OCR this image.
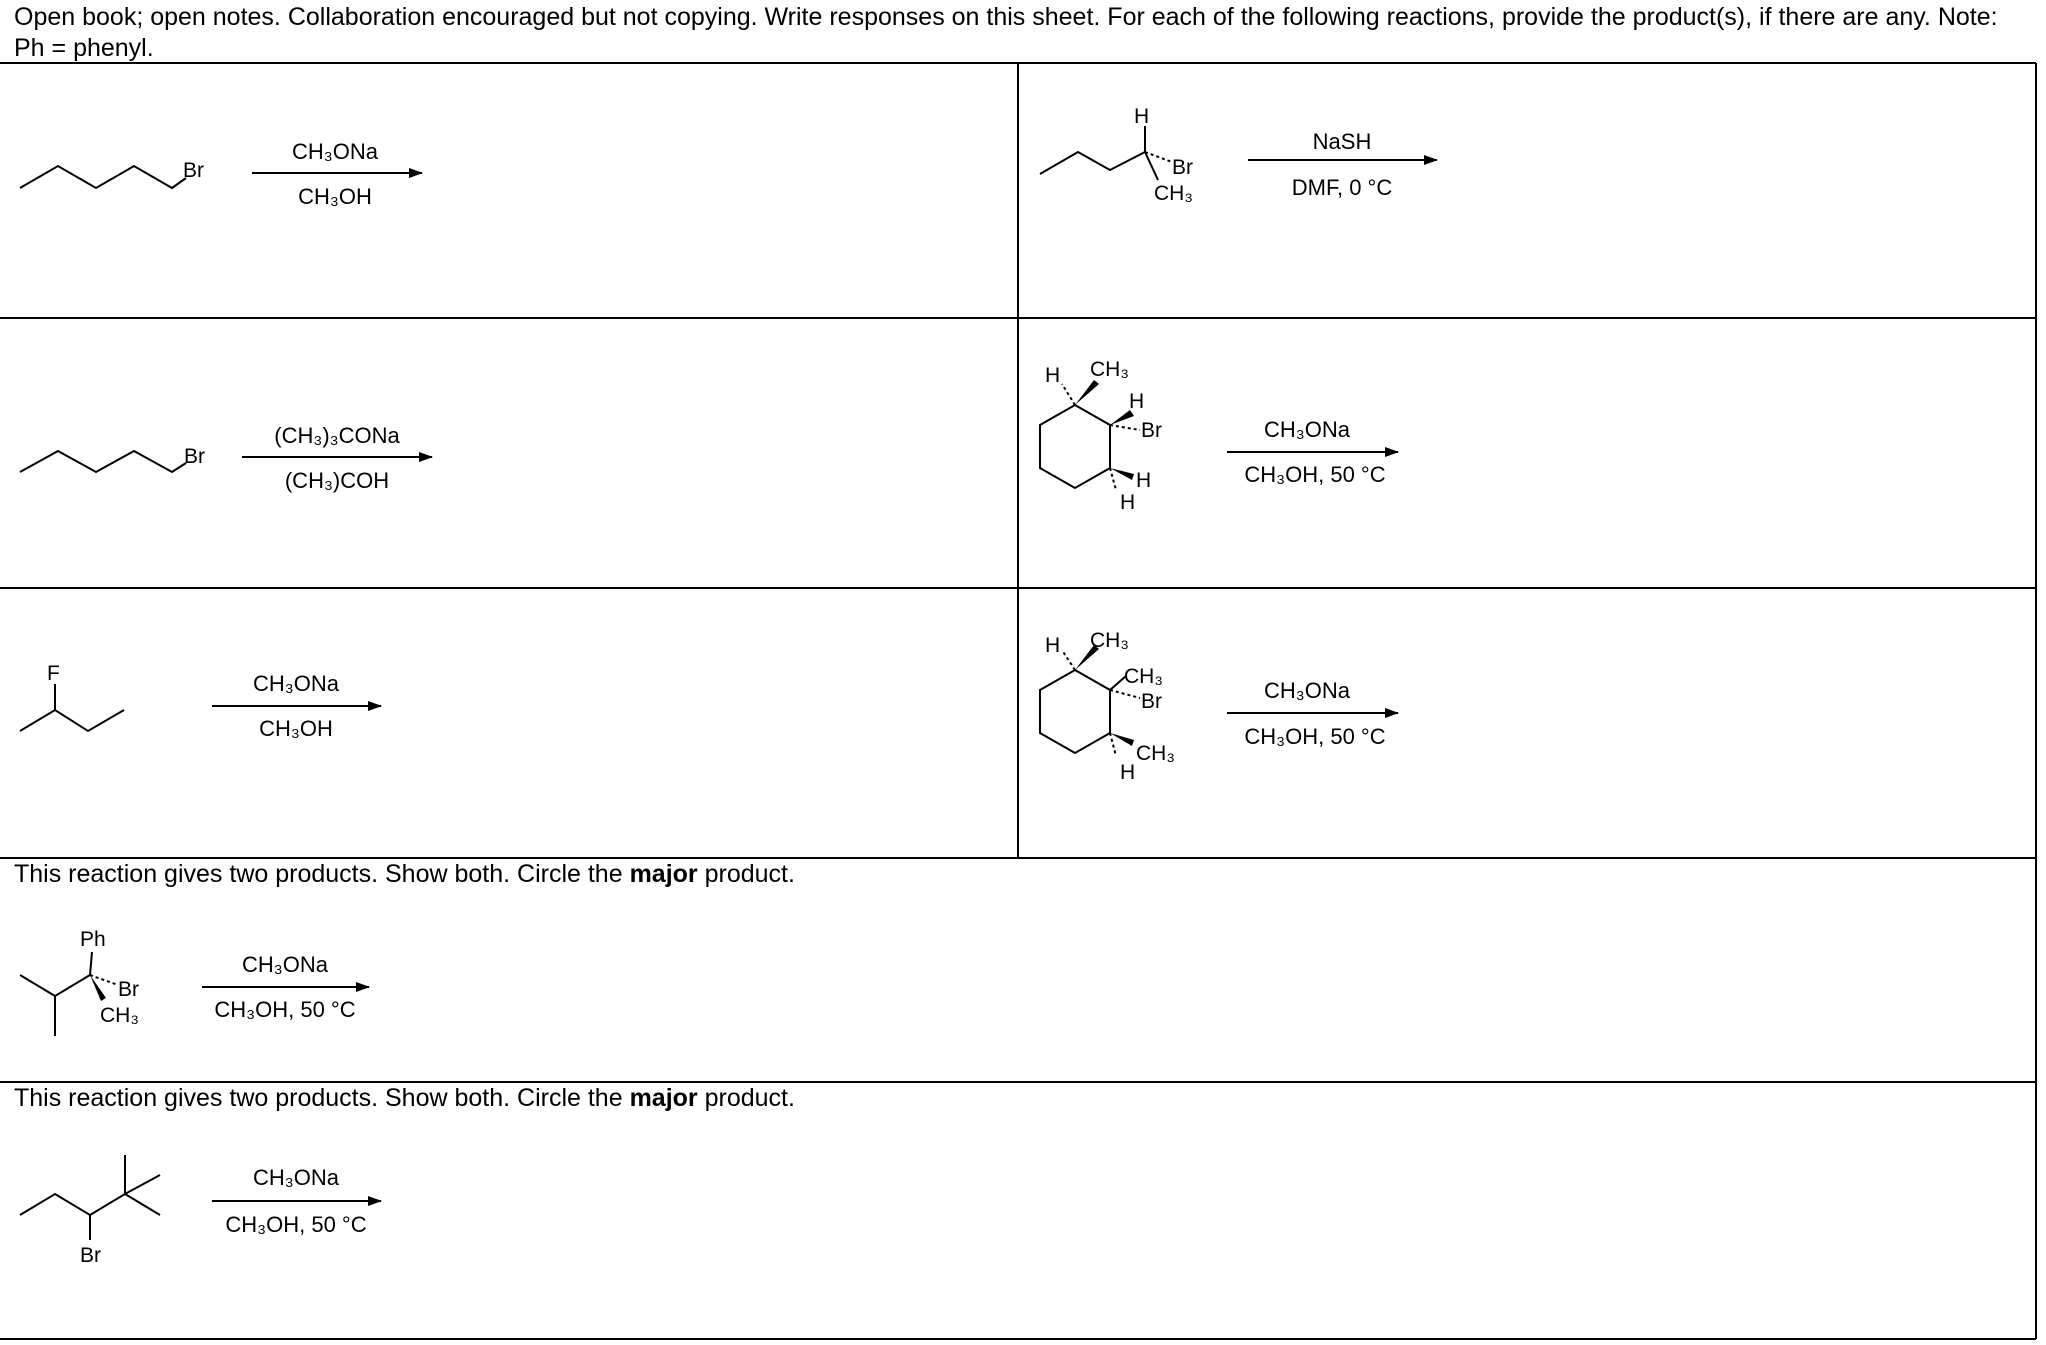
Open book; open notes. Collaboration encouraged but not copying. Write responses on this sheet. For each of the following reactions, provide the product(s), if there are any. Note: Ph = phenyl.
Br
CH₃ONa
CH₃OH
H
Br
CH₃
NaSH
DMF, 0 °C
Br
(CH₃)₃CONa
(CH₃)COH
H CH₃
H
Br
H
H
CH₃ONa
CH₃OH, 50 °C
F	CH₃ONa
CH₃OH
H CH₃
CH₃
Br
CH₃
H
CH₃ONa
CH₃OH, 50 °C
Ph
Br
CH₃
CH₃ONa
CH₃OH, 50 °C
Br
CH₃ONa
CH₃OH, 50 °C
This reaction gives two products. Show both. Circle the major product.
This reaction gives two products. Show both. Circle the major product.
